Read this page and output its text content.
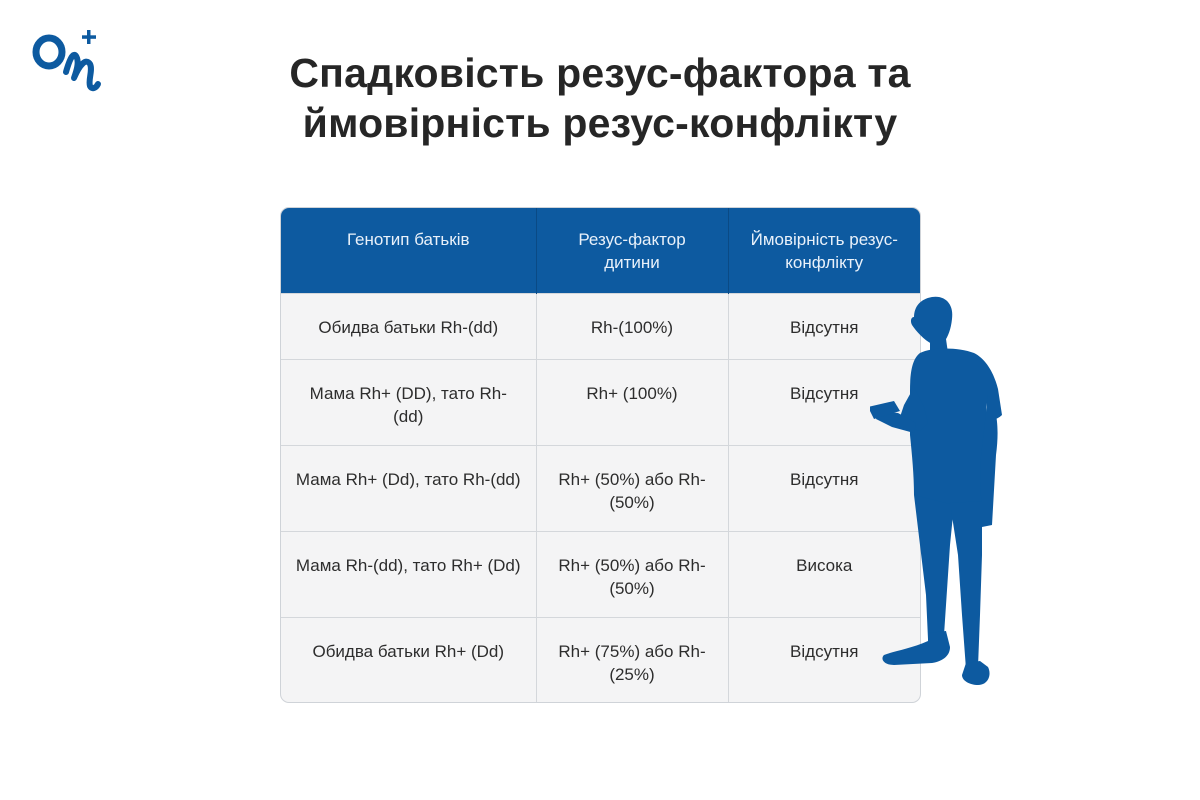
Спадковість резус-фактора та
ймовірність резус-конфлікту
Генотип батьків	Резус-фактор дитини	Ймовірність резус-конфлікту
Обидва батьки Rh-(dd)	Rh-(100%)	Відсутня
Мама Rh+ (DD), тато Rh-(dd)	Rh+ (100%)	Відсутня
Мама Rh+ (Dd), тато Rh-(dd)	Rh+ (50%) або Rh-(50%)	Відсутня
Мама Rh-(dd), тато Rh+ (Dd)	Rh+ (50%) або Rh-(50%)	Висока
Обидва батьки Rh+ (Dd)	Rh+ (75%) або Rh-(25%)	Відсутня
